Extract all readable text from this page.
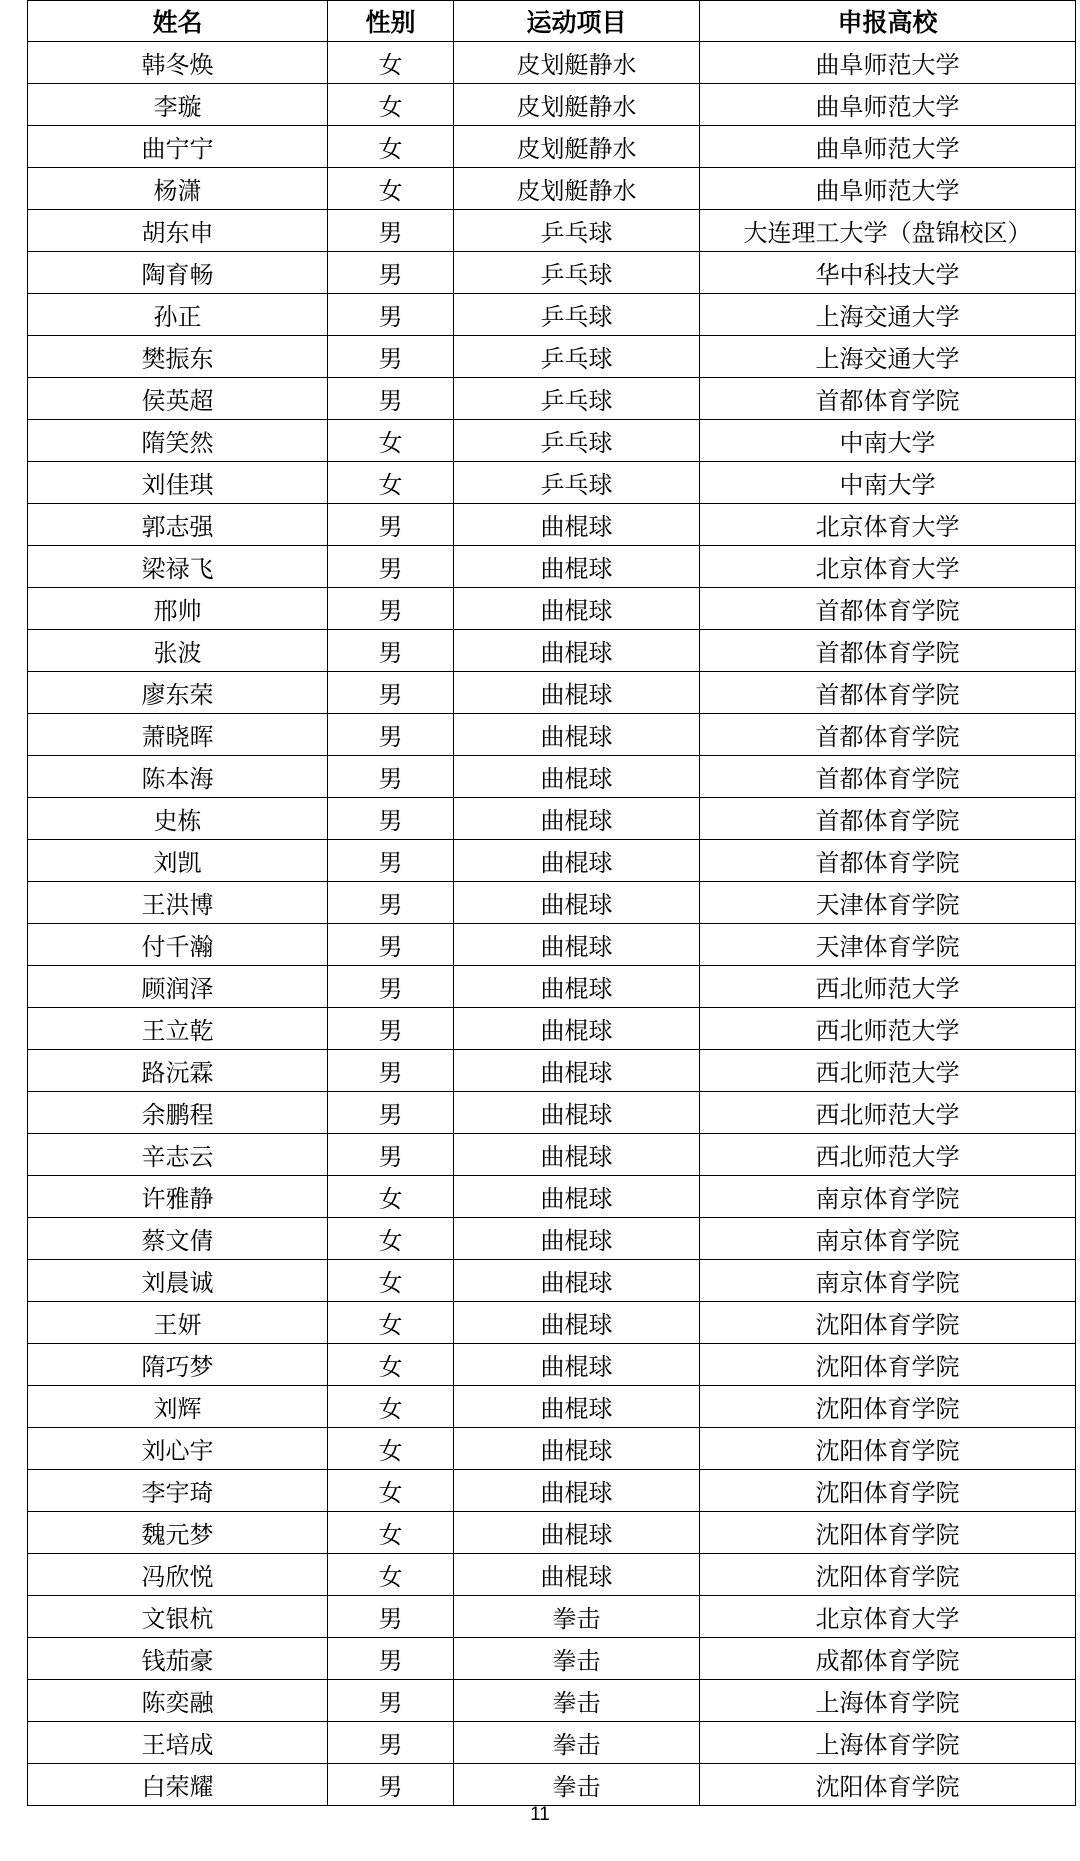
姓名	性别	运动项目	申报高校
韩冬焕	女	皮划艇静水	曲阜师范大学
李璇	女	皮划艇静水	曲阜师范大学
曲宁宁	女	皮划艇静水	曲阜师范大学
杨潇	女	皮划艇静水	曲阜师范大学
胡东申	男	乒乓球	大连理工大学（盘锦校区）
陶育畅	男	乒乓球	华中科技大学
孙正	男	乒乓球	上海交通大学
樊振东	男	乒乓球	上海交通大学
侯英超	男	乒乓球	首都体育学院
隋笑然	女	乒乓球	中南大学
刘佳琪	女	乒乓球	中南大学
郭志强	男	曲棍球	北京体育大学
梁禄飞	男	曲棍球	北京体育大学
邢帅	男	曲棍球	首都体育学院
张波	男	曲棍球	首都体育学院
廖东荣	男	曲棍球	首都体育学院
萧晓晖	男	曲棍球	首都体育学院
陈本海	男	曲棍球	首都体育学院
史栋	男	曲棍球	首都体育学院
刘凯	男	曲棍球	首都体育学院
王洪博	男	曲棍球	天津体育学院
付千瀚	男	曲棍球	天津体育学院
顾润泽	男	曲棍球	西北师范大学
王立乾	男	曲棍球	西北师范大学
路沅霖	男	曲棍球	西北师范大学
余鹏程	男	曲棍球	西北师范大学
辛志云	男	曲棍球	西北师范大学
许雅静	女	曲棍球	南京体育学院
蔡文倩	女	曲棍球	南京体育学院
刘晨诚	女	曲棍球	南京体育学院
王妍	女	曲棍球	沈阳体育学院
隋巧梦	女	曲棍球	沈阳体育学院
刘辉	女	曲棍球	沈阳体育学院
刘心宇	女	曲棍球	沈阳体育学院
李宇琦	女	曲棍球	沈阳体育学院
魏元梦	女	曲棍球	沈阳体育学院
冯欣悦	女	曲棍球	沈阳体育学院
文银杭	男	拳击	北京体育大学
钱茄豪	男	拳击	成都体育学院
陈奕融	男	拳击	上海体育学院
王培成	男	拳击	上海体育学院
白荣耀	男	拳击	沈阳体育学院
11
